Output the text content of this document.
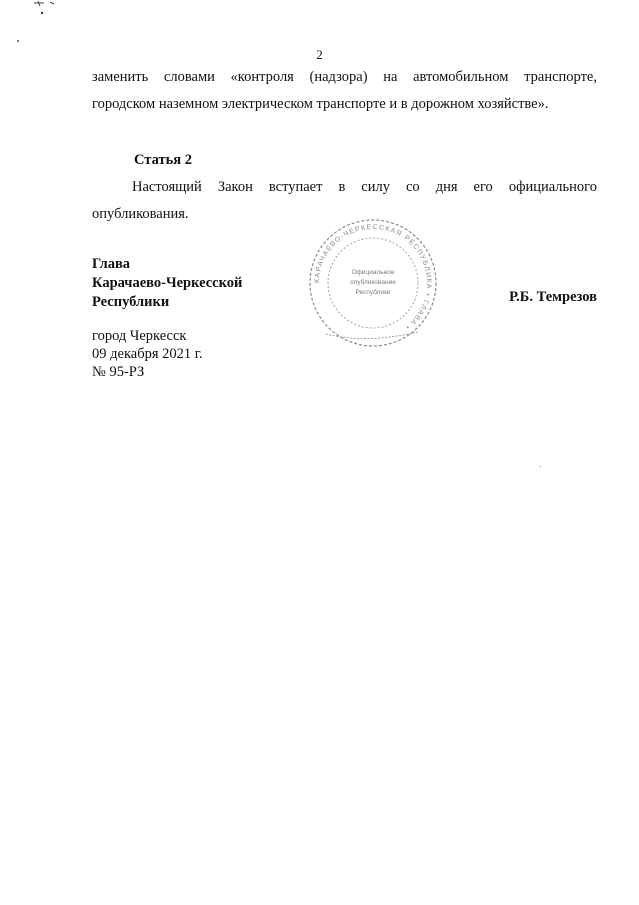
2
заменить словами «контроля (надзора) на автомобильном транспорте,
городском наземном электрическом транспорте и в дорожном хозяйстве».
Статья 2
Настоящий Закон вступает в силу со дня его официального
опубликования.
Глава
Карачаево-Черкесской
Республики
КАРАЧАЕВО-ЧЕРКЕССКАЯ РЕСПУБЛИКА • ГЛАВА •
Официальное
опубликование
Республики	Р.Б. Темрезов
город Черкесск
09 декабря 2021 г.
№ 95-РЗ
